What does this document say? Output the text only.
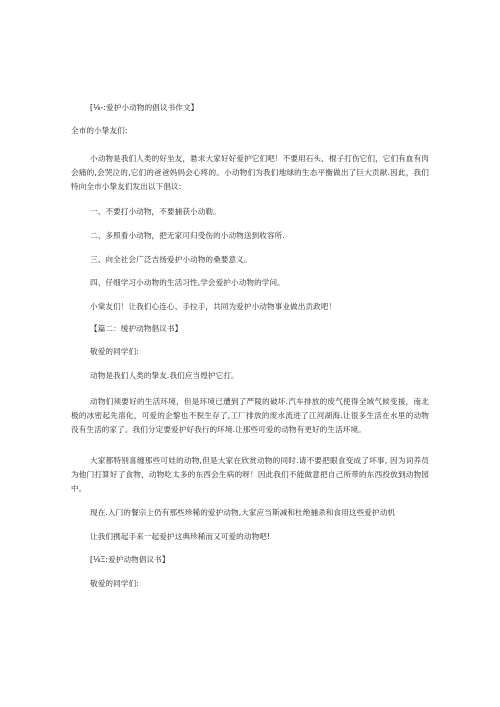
[⅛-:爱护小动物的倡议书作文】
全市的小挚友们:
小动物是我们人类的好坐友，悬求大家好好爱护它们吧！不要用石头、棍子打伤它们，它们有血有肉会痛的,会哭泣的,它们的爸爸妈妈会心疼的。小动物们为我们地球的生态平衡做出了巨大贡献.因此，我们特向全市小挚友们发出以下倡议:
一、不要打小动物，不要捕获小动勒。
二、多照看小动物，把无家可归受伤的小动物送到收容所.
三、向全社会广泛吉扬爱护小动物的桑要意义。
四、仔细学习小动物的生活习性,学会爱护小动物的学问。
小棠友们！让我们心连心、手拉手，共同为爱护小动物事业做出贡政吧！
【篇二：缓护动物倡议书】
敬爱的同学们:
动物是我们人类的挚友.我们应当煌护它打。
动物们须要好的生活环境，但是环境已遭到了严陵的破坏.汽车排放的废气使得全域气候变援，南北极的冰密起先溶化，可爱的企黎也不猊生存了,工厂排放的废水流进了江河湖海.让很多生活在水里的动物没有生活的家了。我们分定要爱护好我行的环境.让那些可爱的动物有更好的生活环境。
大家都特别喜缠那些可娃的动物,但是大家在欣赏动物的同时.请不要把眼食变成了坏事, 因为词养员为他门打算好了食物，动物吃太多的东西会生病的呀！因此我们不能做意把自己所带的东西投放到动物园中。
现在.入门的餐宗上仍有那些珍稀的爱护动物,大家应当斯减和杜绝捕杀和食用这些爱护动机
让我们携起手来一起爱护这典珍稀而又可爱的动物吧!
[⅛Ξ:爱护动物倡议书】
敬爱的同学们:
